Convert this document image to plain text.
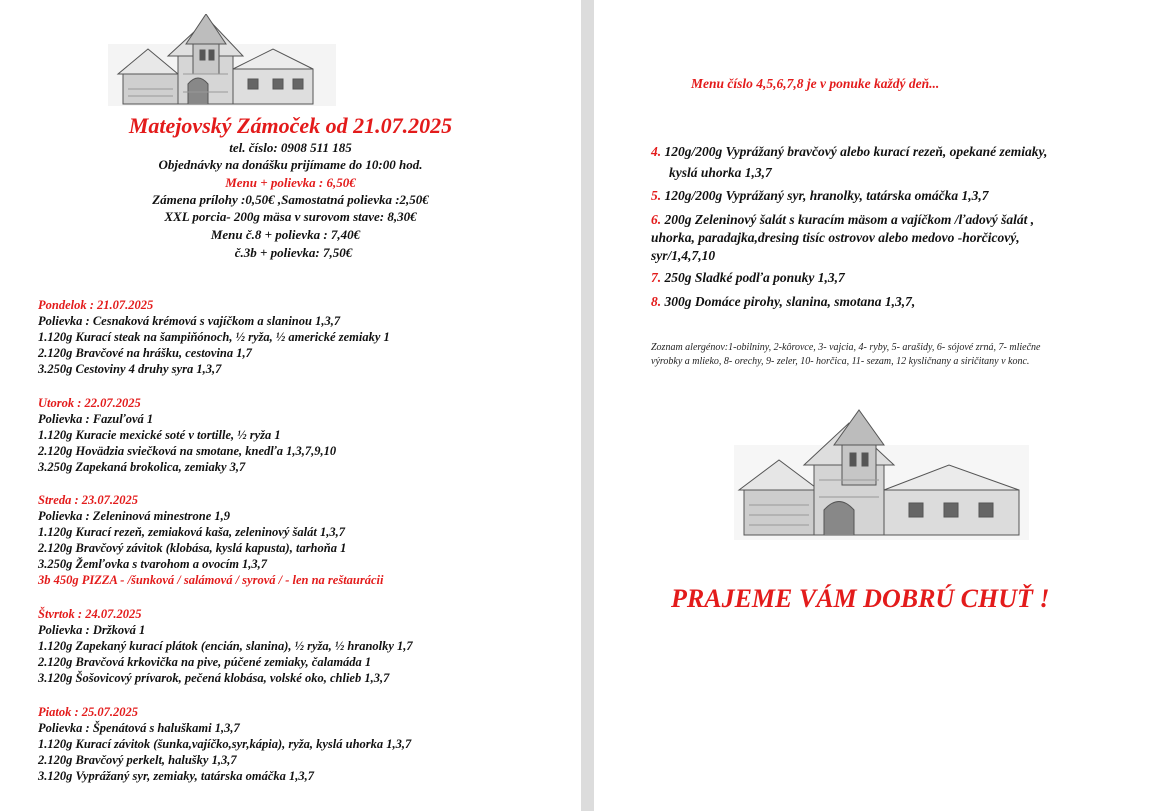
Matejovský Zámoček od 21.07.2025
tel. číslo: 0908 511 185
Objednávky na donášku prijímame do 10:00 hod.
Menu + polievka : 6,50€
Zámena prílohy :0,50€ ,Samostatná polievka :2,50€
XXL porcia- 200g mäsa v surovom stave: 8,30€
Menu č.8 + polievka : 7,40€
č.3b + polievka: 7,50€
Pondelok : 21.07.2025
Polievka : Cesnaková krémová s vajíčkom a slaninou 1,3,7
1.120g Kurací steak na šampiňónoch, ½ ryža, ½ americké zemiaky 1
2.120g Bravčové na hrášku, cestovina 1,7
3.250g Cestoviny 4 druhy syra 1,3,7
Utorok : 22.07.2025
Polievka : Fazuľová 1
1.120g Kuracie mexické soté v tortille, ½ ryža 1
2.120g Hovädzia sviečková na smotane, knedľa 1,3,7,9,10
3.250g Zapekaná brokolica, zemiaky 3,7
Streda : 23.07.2025
Polievka : Zeleninová minestrone 1,9
1.120g Kurací rezeň, zemiaková kaša, zeleninový šalát 1,3,7
2.120g Bravčový závitok (klobása, kyslá kapusta), tarhoňa 1
3.250g Žemľovka s tvarohom a ovocím 1,3,7
3b 450g PIZZA - /šunková / salámová / syrová / - len na reštaurácii
Štvrtok : 24.07.2025
Polievka : Držková 1
1.120g Zapekaný kurací plátok (encián, slanina), ½ ryža, ½ hranolky 1,7
2.120g Bravčová krkovička na pive, púčené zemiaky, čalamáda 1
3.120g Šošovicový prívarok, pečená klobása, volské oko, chlieb 1,3,7
Piatok : 25.07.2025
Polievka : Špenátová s haluškami 1,3,7
1.120g Kurací závitok (šunka,vajíčko,syr,kápia), ryža, kyslá uhorka 1,3,7
2.120g Bravčový perkelt, halušky 1,3,7
3.120g Vyprážaný syr, zemiaky, tatárska omáčka 1,3,7
Menu číslo 4,5,6,7,8 je v ponuke každý deň...
4. 120g/200g Vyprážaný bravčový alebo kurací rezeň, opekané zemiaky,
kyslá uhorka 1,3,7
5. 120g/200g Vyprážaný syr, hranolky, tatárska omáčka 1,3,7
6. 200g Zeleninový šalát s kuracím mäsom a vajíčkom /ľadový šalát ,
uhorka, paradajka,dresing tisíc ostrovov alebo medovo -horčicový,
syr/1,4,7,10
7. 250g Sladké podľa ponuky 1,3,7
8. 300g Domáce pirohy, slanina, smotana 1,3,7,
Zoznam alergénov:1-obilniny, 2-kôrovce, 3- vajcia, 4- ryby, 5- arašidy, 6- sójové zrná, 7- mliečne
výrobky a mlieko, 8- orechy, 9- zeler, 10- horčica, 11- sezam, 12 kysličnany a siričitany v konc.
PRAJEME VÁM DOBRÚ CHUŤ !
